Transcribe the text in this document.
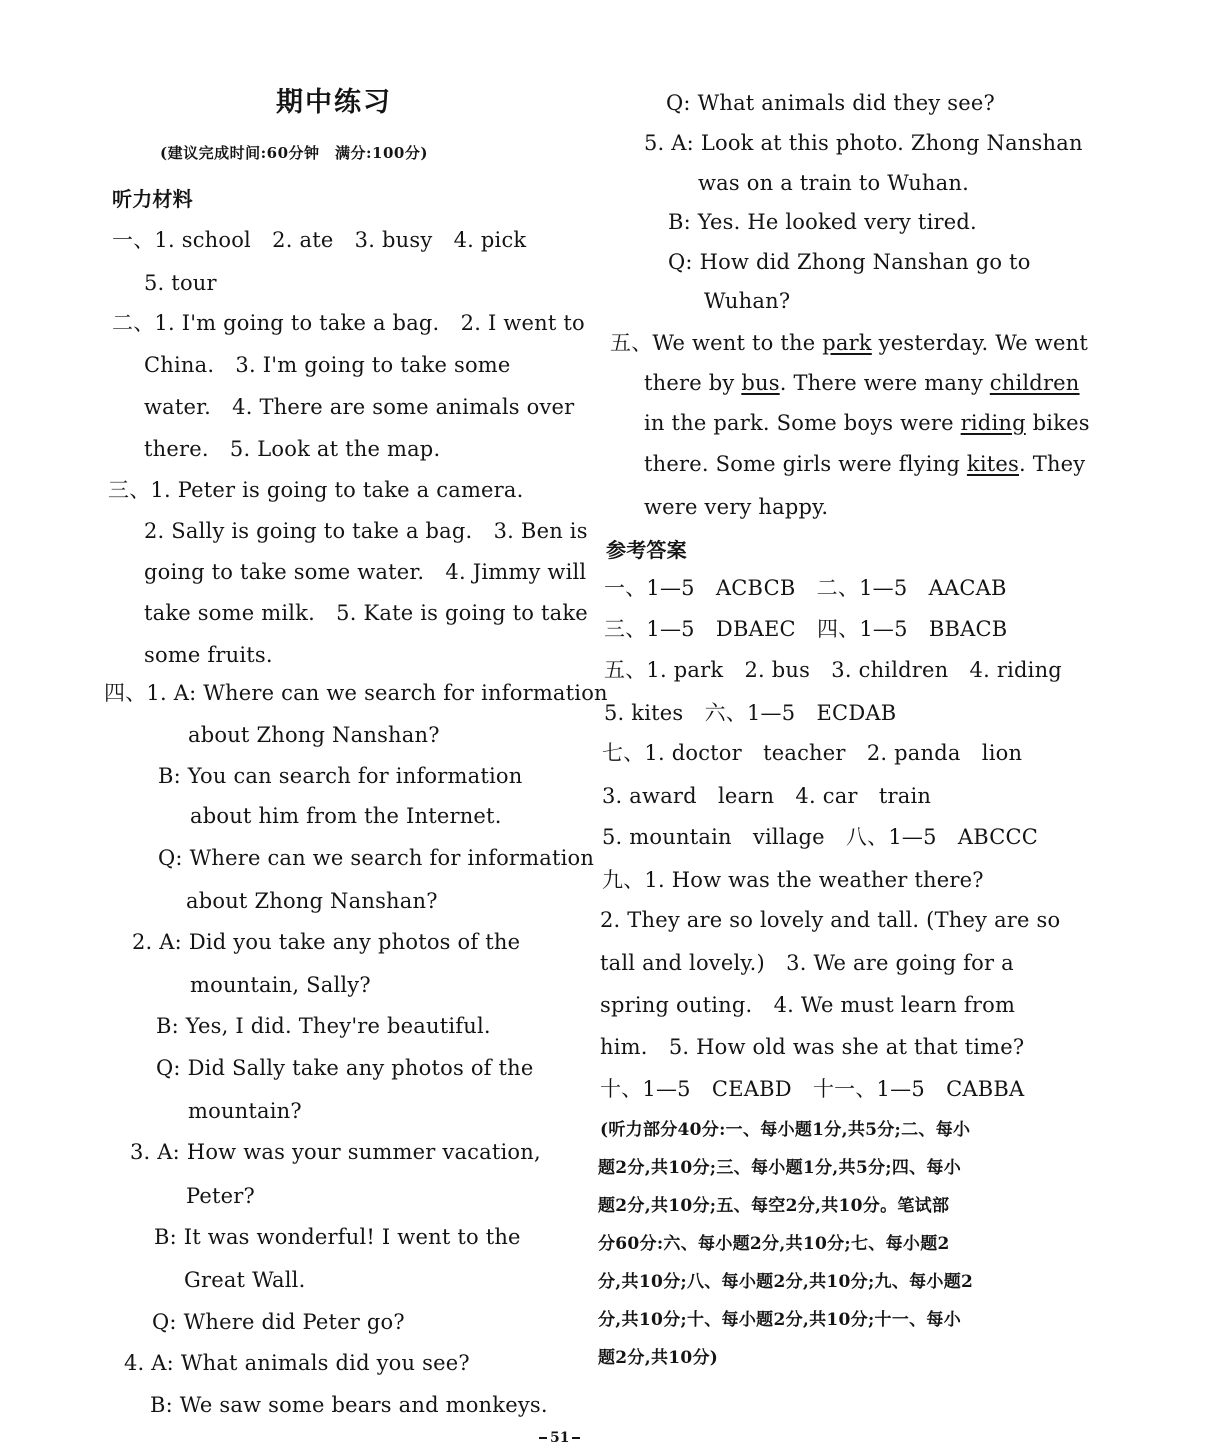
期中练习
(建议完成时间:60分钟　满分:100分)
听力材料
一、1. school　2. ate　3. busy　4. pick
5. tour
二、1. I'm going to take a bag.　2. I went to
China.　3. I'm going to take some
water.　4. There are some animals over
there.　5. Look at the map.
三、1. Peter is going to take a camera.
2. Sally is going to take a bag.　3. Ben is
going to take some water.　4. Jimmy will
take some milk.　5. Kate is going to take
some fruits.
四、1. A: Where can we search for information
about Zhong Nanshan?
B: You can search for information
about him from the Internet.
Q: Where can we search for information
about Zhong Nanshan?
2. A: Did you take any photos of the
mountain, Sally?
B: Yes, I did. They're beautiful.
Q: Did Sally take any photos of the
mountain?
3. A: How was your summer vacation,
Peter?
B: It was wonderful! I went to the
Great Wall.
Q: Where did Peter go?
4. A: What animals did you see?
B: We saw some bears and monkeys.
Q: What animals did they see?
5. A: Look at this photo. Zhong Nanshan
was on a train to Wuhan.
B: Yes. He looked very tired.
Q: How did Zhong Nanshan go to
Wuhan?
五、We went to the park yesterday. We went
there by bus. There were many children
in the park. Some boys were riding bikes
there. Some girls were flying kites. They
were very happy.
参考答案
一、1—5　ACBCB　二、1—5　AACAB
三、1—5　DBAEC　四、1—5　BBACB
五、1. park　2. bus　3. children　4. riding
5. kites　六、1—5　ECDAB
七、1. doctor　teacher　2. panda　lion
3. award　learn　4. car　train
5. mountain　village　八、1—5　ABCCC
九、1. How was the weather there?
2. They are so lovely and tall. (They are so
tall and lovely.)　3. We are going for a
spring outing.　4. We must learn from
him.　5. How old was she at that time?
十、1—5　CEABD　十一、1—5　CABBA
(听力部分40分:一、每小题1分,共5分;二、每小
题2分,共10分;三、每小题1分,共5分;四、每小
题2分,共10分;五、每空2分,共10分。笔试部
分60分:六、每小题2分,共10分;七、每小题2
分,共10分;八、每小题2分,共10分;九、每小题2
分,共10分;十、每小题2分,共10分;十一、每小
题2分,共10分)
51
